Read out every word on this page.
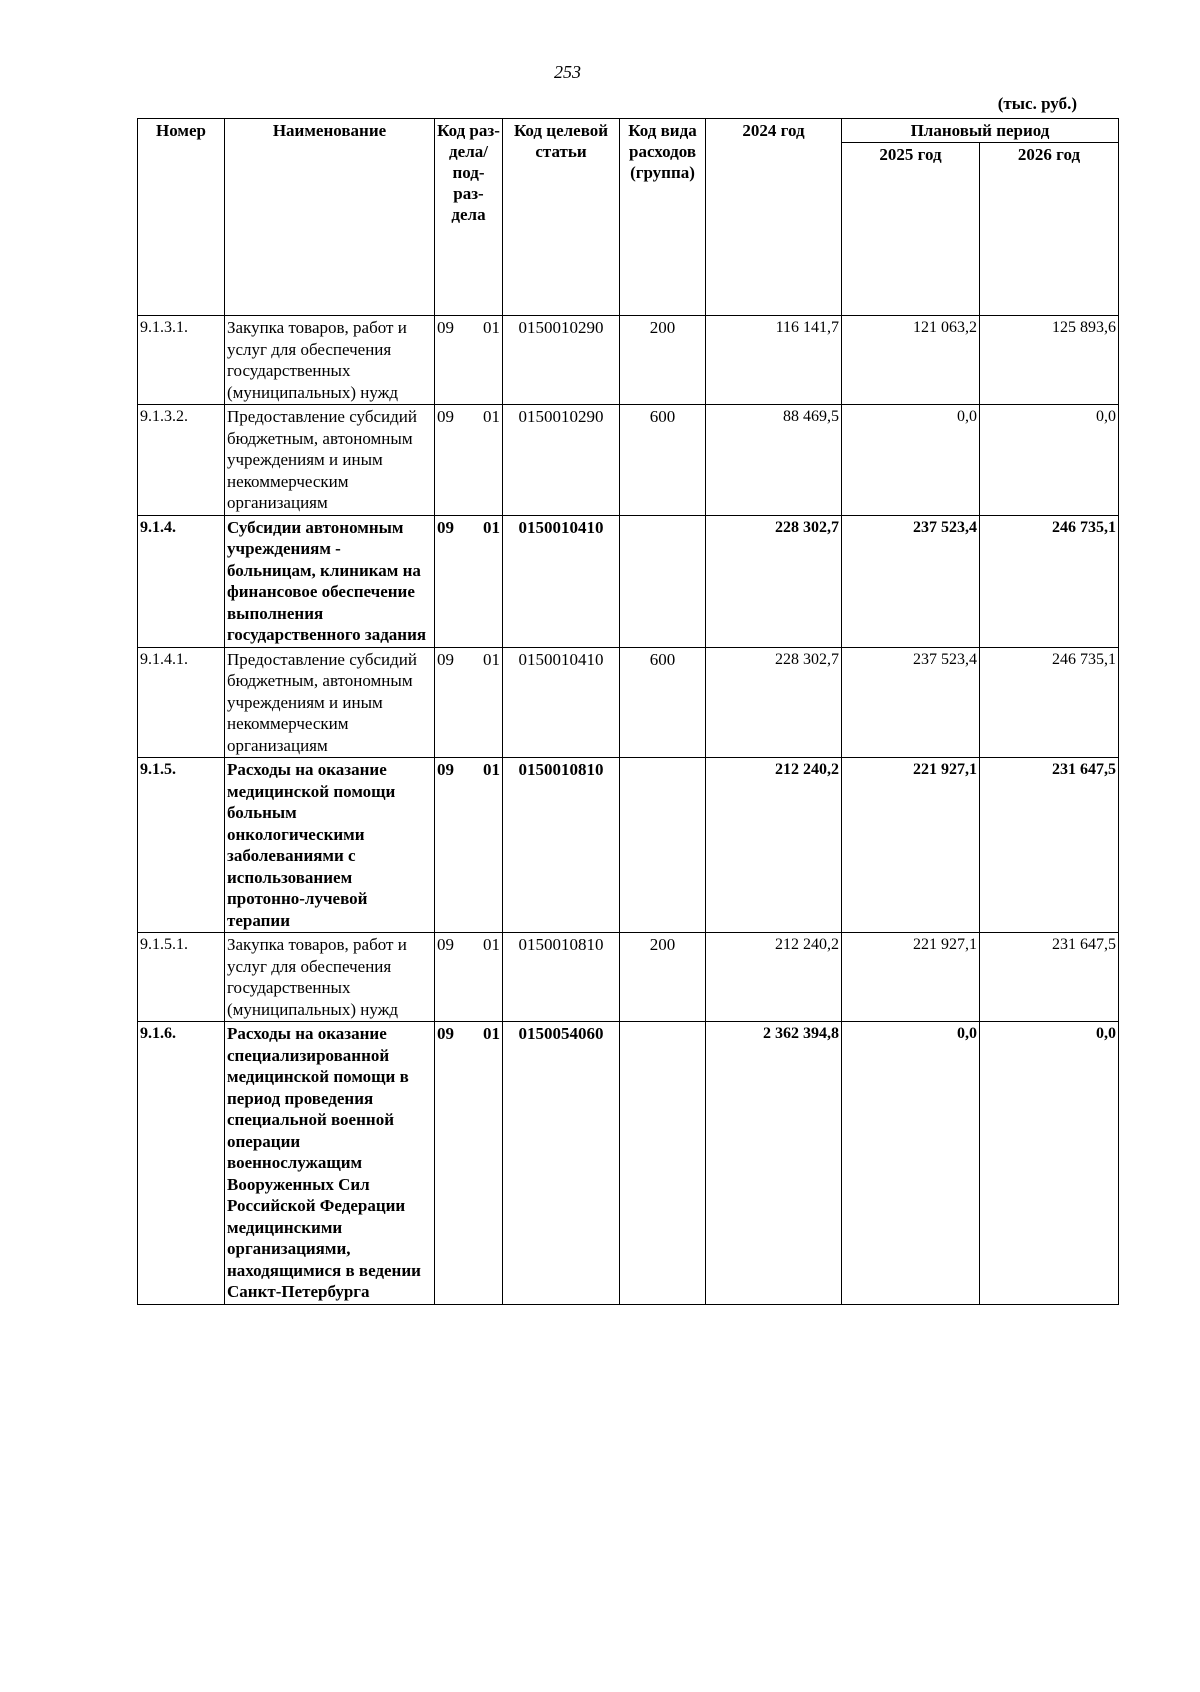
253
(тыс. руб.)
Номер	Наименование	Код раз- дела/ под- раз- дела	Код целевой статьи	Код вида расходов (группа)	2024 год	Плановый период	
						2025 год	2026 год
9.1.3.1.	Закупка товаров, работ и услуг для обеспечения государственных (муниципальных) нужд	09 01	0150010290	200	116 141,7	121 063,2	125 893,6
9.1.3.2.	Предоставление субсидий бюджетным, автономным учреждениям и иным некоммерческим организациям	09 01	0150010290	600	88 469,5	0,0	0,0
9.1.4.	Субсидии автономным учреждениям - больницам, клиникам на финансовое обеспечение выполнения государственного задания	09 01	0150010410		228 302,7	237 523,4	246 735,1
9.1.4.1.	Предоставление субсидий бюджетным, автономным учреждениям и иным некоммерческим организациям	09 01	0150010410	600	228 302,7	237 523,4	246 735,1
9.1.5.	Расходы на оказание медицинской помощи больным онкологическими заболеваниями с использованием протонно-лучевой терапии	09 01	0150010810		212 240,2	221 927,1	231 647,5
9.1.5.1.	Закупка товаров, работ и услуг для обеспечения государственных (муниципальных) нужд	09 01	0150010810	200	212 240,2	221 927,1	231 647,5
9.1.6.	Расходы на оказание специализированной медицинской помощи в период проведения специальной военной операции военнослужащим Вооруженных Сил Российской Федерации медицинскими организациями, находящимися в ведении Санкт-Петербурга	09 01	0150054060		2 362 394,8	0,0	0,0
